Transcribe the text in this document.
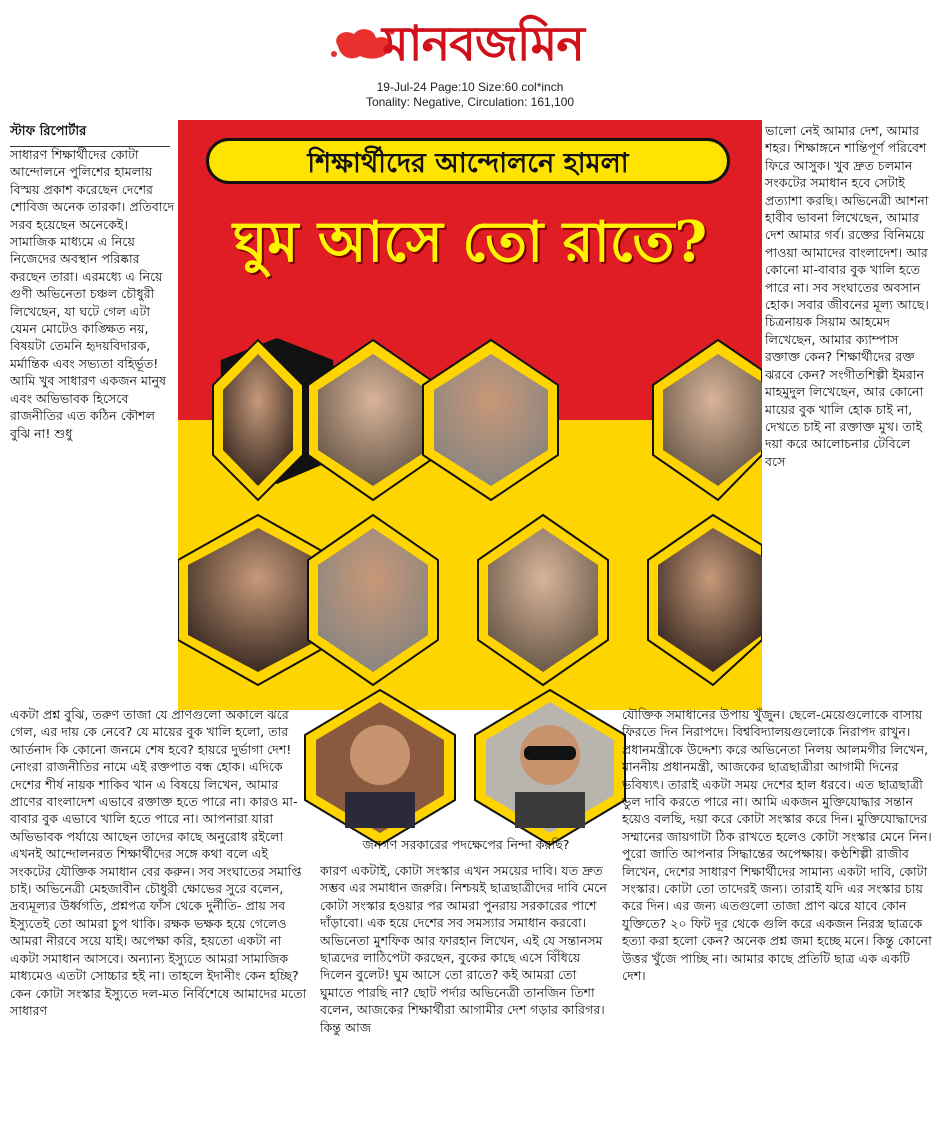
মানবজমিন
19-Jul-24 Page:10 Size:60 col*inch
Tonality: Negative, Circulation: 161,100
স্টাফ রিপোর্টার

সাধারণ শিক্ষার্থীদের কোটা আন্দোলনে পুলিশের হামলায় বিস্ময় প্রকাশ করেছেন দেশের শোবিজ অনেক তারকা। প্রতিবাদে সরব হয়েছেন অনেকেই। সামাজিক মাধ্যমে এ নিয়ে নিজেদের অবস্থান পরিষ্কার করছেন তারা। এরমধ্যে এ নিয়ে গুণী অভিনেতা চঞ্চল চৌধুরী লিখেছেন, যা ঘটে গেল এটা যেমন মোটেও কাঙ্ক্ষিত নয়, বিষয়টা তেমনি হৃদয়বিদারক, মর্মান্তিক এবং সভ্যতা বহির্ভূত! আমি খুব সাধারণ একজন মানুষ এবং অভিভাবক হিসেবে রাজনীতির এত কঠিন কৌশল বুঝি না! শুধু

শিক্ষার্থীদের আন্দোলনে হামলা
ঘুম আসে তো রাতে?

ভালো নেই আমার দেশ, আমার শহর। শিক্ষাঙ্গনে শান্তিপূর্ণ পরিবেশ ফিরে আসুক। খুব দ্রুত চলমান সংকটের সমাধান হবে সেটাই প্রত্যাশা করছি। অভিনেত্রী আশনা হাবীব ভাবনা লিখেছেন, আমার দেশ আমার গর্ব। রক্তের বিনিময়ে পাওয়া আমাদের বাংলাদেশ। আর কোনো মা-বাবার বুক খালি হতে পারে না। সব সংঘাতের অবসান হোক। সবার জীবনের মূল্য আছে। চিত্রনায়ক সিয়াম আহমেদ লিখেছেন, আমার ক্যাম্পাস রক্তাক্ত কেন? শিক্ষার্থীদের রক্ত ঝরবে কেন? সংগীতশিল্পী ইমরান মাহমুদুল লিখেছেন, আর কোনো মায়ের বুক খালি হোক চাই না, দেখতে চাই না রক্তাক্ত মুখ। তাই দয়া করে আলোচনার টেবিলে বসে

একটা প্রশ্ন বুঝি, তরুণ তাজা যে প্রাণগুলো অকালে ঝরে গেল, এর দায় কে নেবে? যে মায়ের বুক খালি হলো, তার আর্তনাদ কি কোনো জনমে শেষ হবে? হায়রে দুর্ভাগা দেশ! নোংরা রাজনীতির নামে এই রক্তপাত বন্ধ হোক। এদিকে দেশের শীর্ষ নায়ক শাকিব খান এ বিষয়ে লিখেন, আমার প্রাণের বাংলাদেশ এভাবে রক্তাক্ত হতে পারে না। কারও মা-বাবার বুক এভাবে খালি হতে পারে না। আপনারা যারা অভিভাবক পর্যায়ে আছেন তাদের কাছে অনুরোধ রইলো এখনই আন্দোলনরত শিক্ষার্থীদের সঙ্গে কথা বলে এই সংকটের যৌক্তিক সমাধান বের করুন। সব সংঘাতের সমাপ্তি চাই। অভিনেত্রী মেহজাবীন চৌধুরী ক্ষোভের সুরে বলেন, দ্রব্যমূল্যর উর্ধ্বগতি, প্রশ্নপত্র ফাঁস থেকে দুর্নীতি- প্রায় সব ইস্যুতেই তো আমরা চুপ থাকি। রক্ষক ভক্ষক হয়ে গেলেও আমরা নীরবে সয়ে যাই। অপেক্ষা করি, হয়তো একটা না একটা সমাধান আসবে। অন্যান্য ইস্যুতে আমরা সামাজিক মাধ্যমেও এতটা সোচ্চার হই না। তাহলে ইদানীং কেন হচ্ছি? কেন কোটা সংস্কার ইস্যুতে দল-মত নির্বিশেষে আমাদের মতো সাধারণ

জনগণ সরকারের পদক্ষেপের নিন্দা করছি?

কারণ একটাই, কোটা সংস্কার এখন সময়ের দাবি। যত দ্রুত সম্ভব এর সমাধান জরুরি। নিশ্চয়ই ছাত্রছাত্রীদের দাবি মেনে কোটা সংস্কার হওয়ার পর আমরা পুনরায় সরকারের পাশে দাঁড়াবো। এক হয়ে দেশের সব সমস্যার সমাধান করবো। অভিনেতা মুশফিক আর ফারহান লিখেন, এই যে সন্তানসম ছাত্রদের লাঠিপেটা করছেন, বুকের কাছে এসে বিঁধিয়ে দিলেন বুলেট! ঘুম আসে তো রাতে? কই আমরা তো ঘুমাতে পারছি না? ছোট পর্দার অভিনেত্রী তানজিন তিশা বলেন, আজকের শিক্ষার্থীরা আগামীর দেশ গড়ার কারিগর। কিন্তু আজ

যৌক্তিক সমাধানের উপায় খুঁজুন। ছেলে-মেয়েগুলোকে বাসায় ফিরতে দিন নিরাপদে। বিশ্ববিদ্যালয়গুলোকে নিরাপদ রাখুন। প্রধানমন্ত্রীকে উদ্দেশ্য করে অভিনেতা নিলয় আলমগীর লিখেন, মাননীয় প্রধানমন্ত্রী, আজকের ছাত্রছাত্রীরা আগামী দিনের ভবিষ্যৎ। তারাই একটা সময় দেশের হাল ধরবে। এত ছাত্রছাত্রী ভুল দাবি করতে পারে না। আমি একজন মুক্তিযোদ্ধার সন্তান হয়েও বলছি, দয়া করে কোটা সংস্কার করে দিন। মুক্তিযোদ্ধাদের সম্মানের জায়গাটা ঠিক রাখতে হলেও কোটা সংস্কার মেনে নিন। পুরো জাতি আপনার সিদ্ধান্তের অপেক্ষায়। কণ্ঠশিল্পী রাজীব লিখেন, দেশের সাধারণ শিক্ষার্থীদের সামান্য একটা দাবি, কোটা সংস্কার। কোটা তো তাদেরই জন্য। তারাই যদি এর সংস্কার চায় করে দিন। এর জন্য এতগুলো তাজা প্রাণ ঝরে যাবে কোন যুক্তিতে? ২০ ফিট দূর থেকে গুলি করে একজন নিরস্ত্র ছাত্রকে হত্যা করা হলো কেন? অনেক প্রশ্ন জমা হচ্ছে মনে। কিন্তু কোনো উত্তর খুঁজে পাচ্ছি না। আমার কাছে প্রতিটি ছাত্র এক একটি দেশ।
